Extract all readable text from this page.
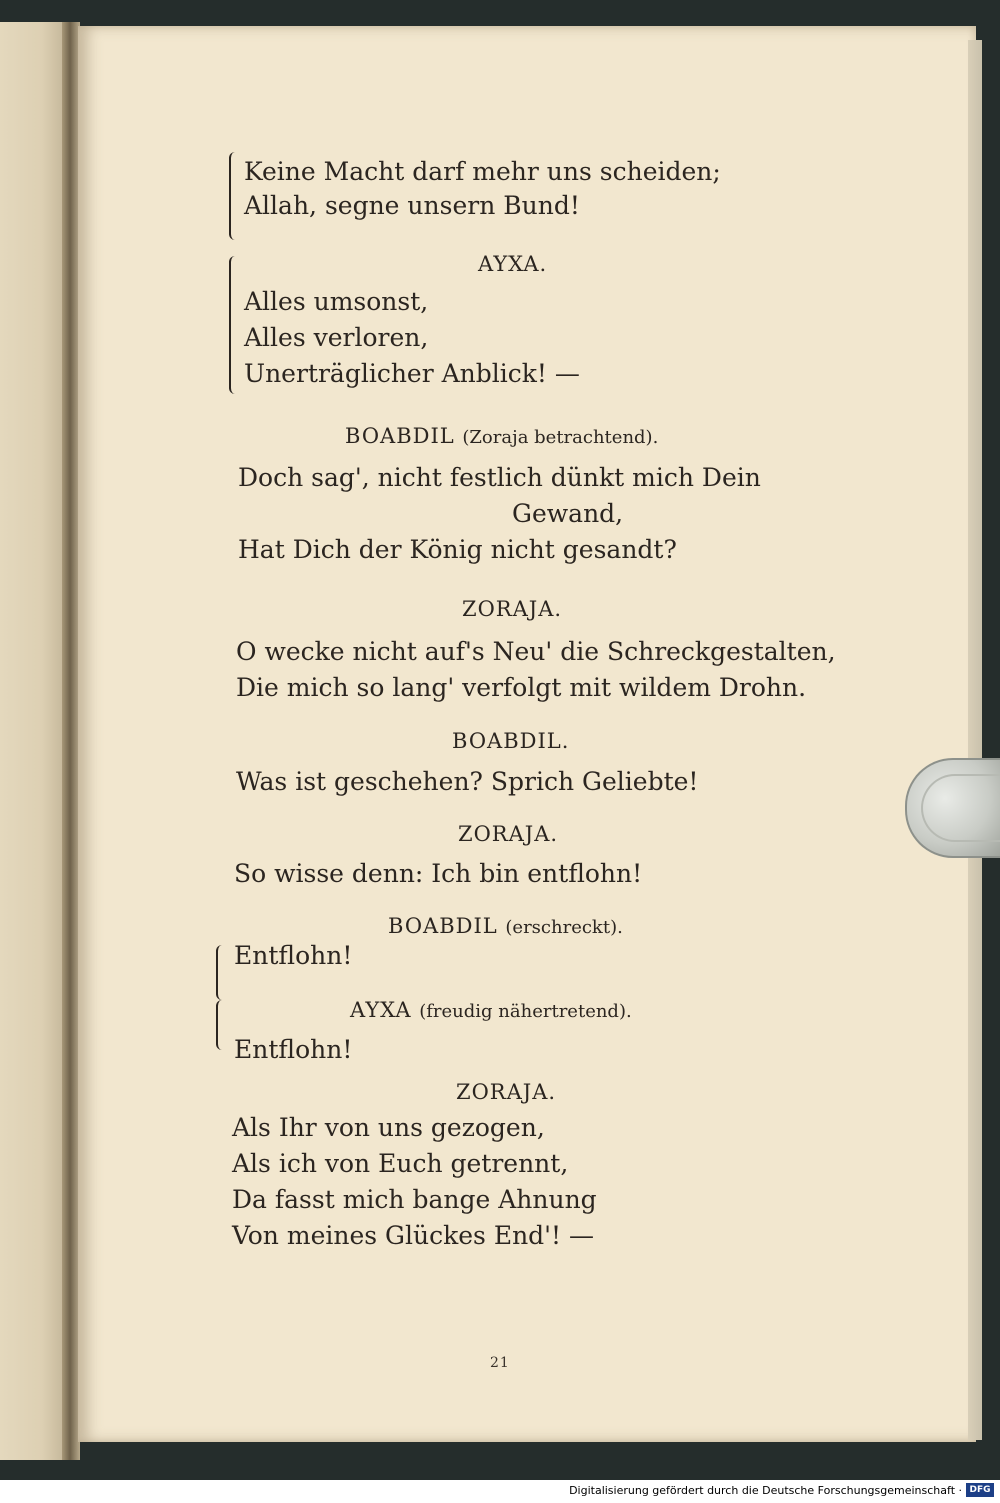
Keine Macht darf mehr uns scheiden;
Allah, segne unsern Bund!
AYXA.
Alles umsonst,
Alles verloren,
Unerträglicher Anblick! —
BOABDIL (Zoraja betrachtend).
Doch sag', nicht festlich dünkt mich Dein
Gewand,
Hat Dich der König nicht gesandt?
ZORAJA.
O wecke nicht auf's Neu' die Schreckgestalten,
Die mich so lang' verfolgt mit wildem Drohn.
BOABDIL.
Was ist geschehen? Sprich Geliebte!
ZORAJA.
So wisse denn: Ich bin entflohn!
BOABDIL (erschreckt).
Entflohn!
AYXA (freudig nähertretend).
Entflohn!
ZORAJA.
Als Ihr von uns gezogen,
Als ich von Euch getrennt,
Da fasst mich bange Ahnung
Von meines Glückes End'! —
21
Digitalisierung gefördert durch die Deutsche Forschungsgemeinschaft · DFG
